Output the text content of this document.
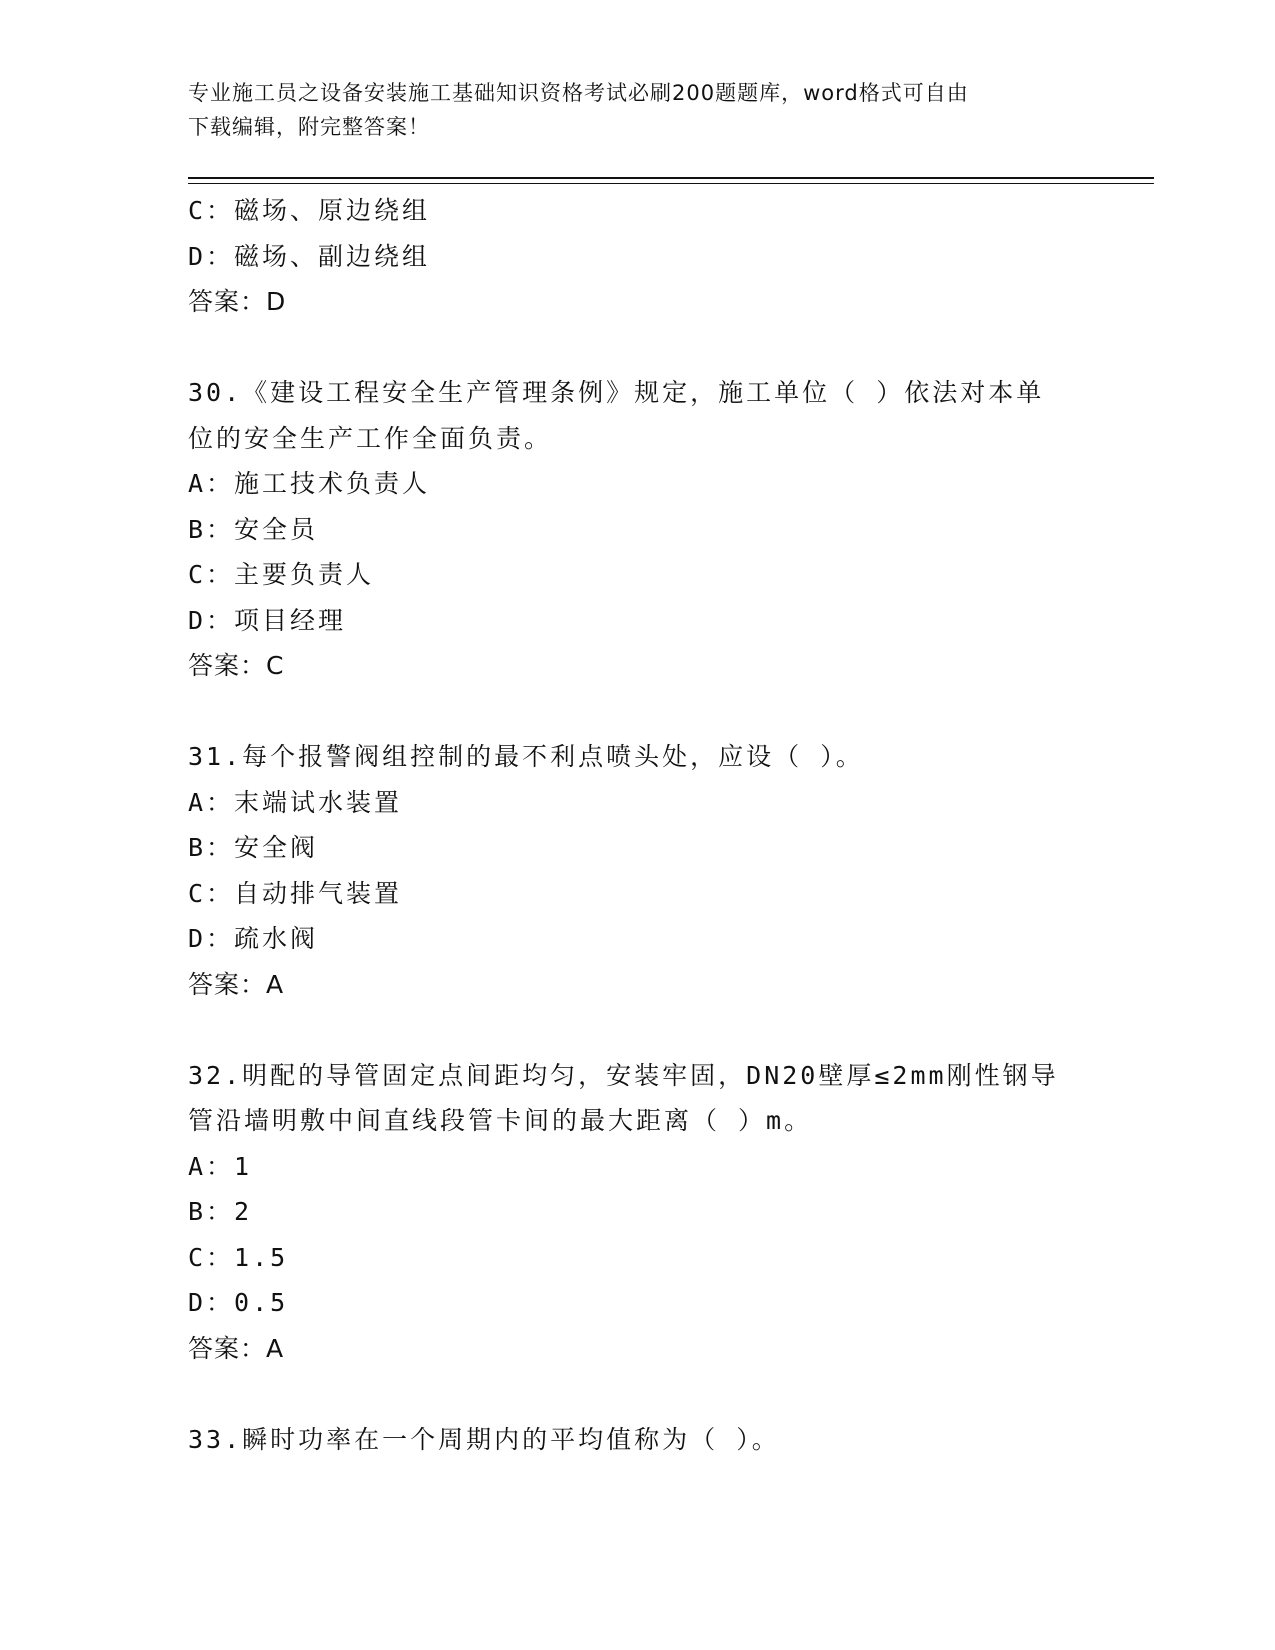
专业施工员之设备安装施工基础知识资格考试必刷200题题库，word格式可自由
下载编辑，附完整答案！
C：磁场、原边绕组
D：磁场、副边绕组
答案：D
30.《建设工程安全生产管理条例》规定，施工单位（ ）依法对本单
位的安全生产工作全面负责。
A：施工技术负责人
B：安全员
C：主要负责人
D：项目经理
答案：C
31.每个报警阀组控制的最不利点喷头处，应设（ ）。
A：末端试水装置
B：安全阀
C：自动排气装置
D：疏水阀
答案：A
32.明配的导管固定点间距均匀，安装牢固，DN20壁厚≤2mm刚性钢导
管沿墙明敷中间直线段管卡间的最大距离（ ）m。
A：1
B：2
C：1.5
D：0.5
答案：A
33.瞬时功率在一个周期内的平均值称为（ ）。
